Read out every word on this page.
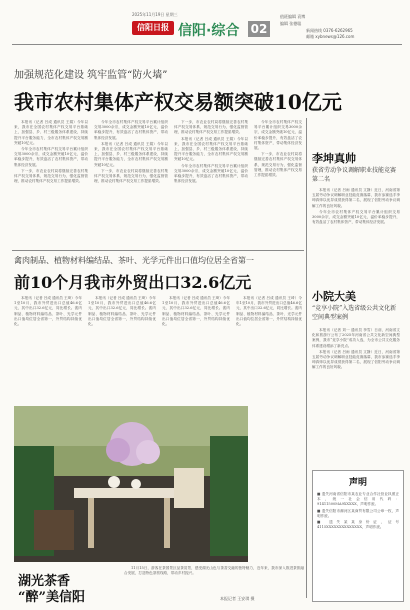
2025年11月19日 星期三
信阳日报 信阳·综合 02
值班编辑 袁博
编辑 张德聪
新闻热线 0376-6262965
邮箱 xybnews@126.com
加强规范化建设 筑牢监管“防火墙”
我市农村集体产权交易额突破10亿元

本报讯（记者 吕成 通讯员 王娟）今年以来，我市在全国农村集体产权交易平台基础上，加强县、乡、村三级服务体系建设，持续提升平台服务能力，全市农村集体产权交易额突破10亿元。

今年全市农村集体产权交易平台累计组织交易3000余宗，成交金额突破10亿元，溢价率稳步提升，有效盘活了农村集体资产，带动集体经济发展。

下一步，市农业农村局将继续完善农村集体产权交易体系，规范交易行为，强化监督管理，推动农村集体产权交易工作提质增效。

今年全市农村集体产权交易平台累计组织交易3000余宗，成交金额突破10亿元，溢价率稳步提升，有效盘活了农村集体资产，带动集体经济发展。

本报讯（记者 吕成 通讯员 王娟）今年以来，我市在全国农村集体产权交易平台基础上，加强县、乡、村三级服务体系建设，持续提升平台服务能力，全市农村集体产权交易额突破10亿元。

下一步，市农业农村局将继续完善农村集体产权交易体系，规范交易行为，强化监督管理，推动农村集体产权交易工作提质增效。

下一步，市农业农村局将继续完善农村集体产权交易体系，规范交易行为，强化监督管理，推动农村集体产权交易工作提质增效。

本报讯（记者 吕成 通讯员 王娟）今年以来，我市在全国农村集体产权交易平台基础上，加强县、乡、村三级服务体系建设，持续提升平台服务能力，全市农村集体产权交易额突破10亿元。

今年全市农村集体产权交易平台累计组织交易3000余宗，成交金额突破10亿元，溢价率稳步提升，有效盘活了农村集体资产，带动集体经济发展。

今年全市农村集体产权交易平台累计组织交易3000余宗，成交金额突破10亿元，溢价率稳步提升，有效盘活了农村集体资产，带动集体经济发展。

下一步，市农业农村局将继续完善农村集体产权交易体系，规范交易行为，强化监督管理，推动农村集体产权交易工作提质增效。

李坤真帅
获省劳动争议调解职业技能竞赛第二名

本报讯（记者 吕雨 通讯员 文静）近日，河南省第五届劳动争议调解职业技能竞赛落幕，我市参赛选手李坤真帅以优异成绩获得第二名，展现了信阳劳动争议调解工作的良好风貌。

今年全市农村集体产权交易平台累计组织交易3000余宗，成交金额突破10亿元，溢价率稳步提升，有效盘活了农村集体资产，带动集体经济发展。

禽肉制品、植物材料编结品、茶叶、光学元件出口值均位居全省第一
前10个月我市外贸出口32.6亿元

本报讯（记者 吕成 通讯员 王琦）今年1至10月，我市外贸进出口总值46.6亿元，其中出口32.6亿元，同比增长。禽肉制品、植物材料编结品、茶叶、光学元件出口值均位居全省第一，外贸结构持续优化。

本报讯（记者 吕成 通讯员 王琦）今年1至10月，我市外贸进出口总值46.6亿元，其中出口32.6亿元，同比增长。禽肉制品、植物材料编结品、茶叶、光学元件出口值均位居全省第一，外贸结构持续优化。

本报讯（记者 吕成 通讯员 王琦）今年1至10月，我市外贸进出口总值46.6亿元，其中出口32.6亿元，同比增长。禽肉制品、植物材料编结品、茶叶、光学元件出口值均位居全省第一，外贸结构持续优化。

本报讯（记者 吕成 通讯员 王琦）今年1至10月，我市外贸进出口总值46.6亿元，其中出口32.6亿元，同比增长。禽肉制品、植物材料编结品、茶叶、光学元件出口值均位居全省第一，外贸结构持续优化。

小院大美
“竞享小院”入选省级公共文化新空间典型案例

本报讯（记者 刘一 通讯员 李雪）日前，河南省文化和旅游厅公布了2025年河南省公共文化新空间典型案例，我市“竞享小院”成功入选，为全市公共文化服务体系建设增添了新亮点。

本报讯（记者 吕雨 通讯员 文静）近日，河南省第五届劳动争议调解职业技能竞赛落幕，我市参赛选手李坤真帅以优异成绩获得第二名，展现了信阳劳动争议调解工作的良好风貌。

湖光茶香
“醉”美信阳

11月15日，游客在茶园景区品茶赏景，感受湖光山色与茶香交融的独特魅力，近年来，我市深入推进茶旅融合发展，打造特色茶旅线路，带动乡村振兴。

本报记者 王安琪 摄
声明

■ 遗失河南省信阳市某农业专业合作社营业执照正本，统一社会信用代码：91411500MA9XXXXX，声明作废。

■ 遗失信阳市浉河区某商贸有限公司公章一枚，声明作废。

■ 遗失某某身份证，证号4115XXXXXXXXXXXXXX，声明作废。
